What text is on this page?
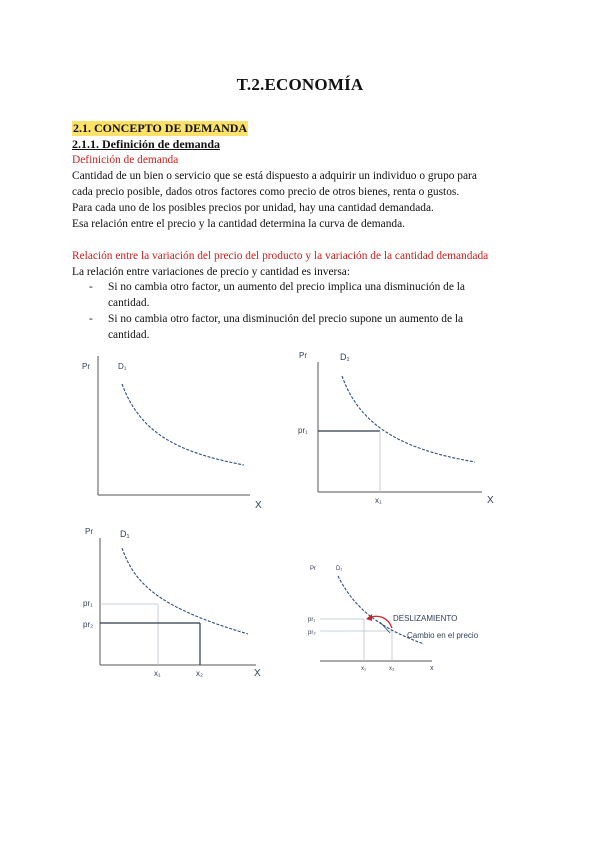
T.2.ECONOMÍA
2.1. CONCEPTO DE DEMANDA
2.1.1. Definición de demanda
Definición de demanda
Cantidad de un bien o servicio que se está dispuesto a adquirir un individuo o grupo para
cada precio posible, dados otros factores como precio de otros bienes, renta o gustos.
Para cada uno de los posibles precios por unidad, hay una cantidad demandada.
Esa relación entre el precio y la cantidad determina la curva de demanda.
Relación entre la variación del precio del producto y la variación de la cantidad demandada
La relación entre variaciones de precio y cantidad es inversa:
-	Si no cambia otro factor, un aumento del precio implica una disminución de la
cantidad.
-	Si no cambia otro factor, una disminución del precio supone un aumento de la
cantidad.
Pr	D₁
X
Pr	D₁
pr₁
x₁	X
Pr	D₁
pr₁
pr₂
x₁	x₂	X
Pr	D₁
pr₁
pr₂
x₁	x₂	x
DESLIZAMIENTO
Cambio en el precio
